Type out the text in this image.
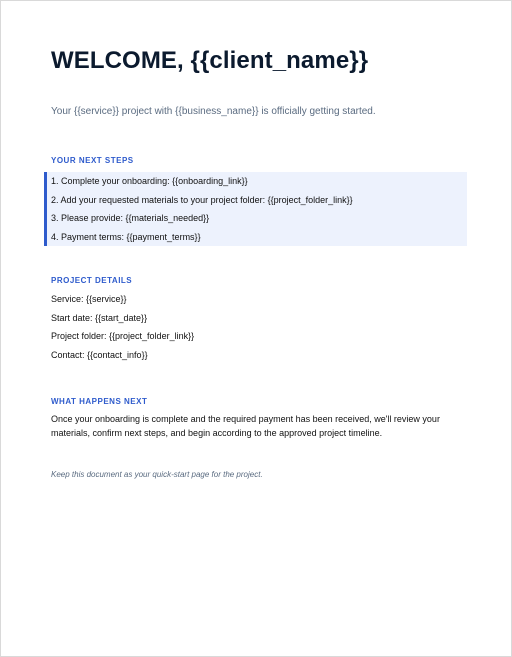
WELCOME, {{client_name}}
Your {{service}} project with {{business_name}} is officially getting started.
YOUR NEXT STEPS
1. Complete your onboarding: {{onboarding_link}}
2. Add your requested materials to your project folder: {{project_folder_link}}
3. Please provide: {{materials_needed}}
4. Payment terms: {{payment_terms}}
PROJECT DETAILS
Service: {{service}}
Start date: {{start_date}}
Project folder: {{project_folder_link}}
Contact: {{contact_info}}
WHAT HAPPENS NEXT

Once your onboarding is complete and the required payment has been received, we'll review your materials, confirm next steps, and begin according to the approved project timeline.

Keep this document as your quick-start page for the project.
